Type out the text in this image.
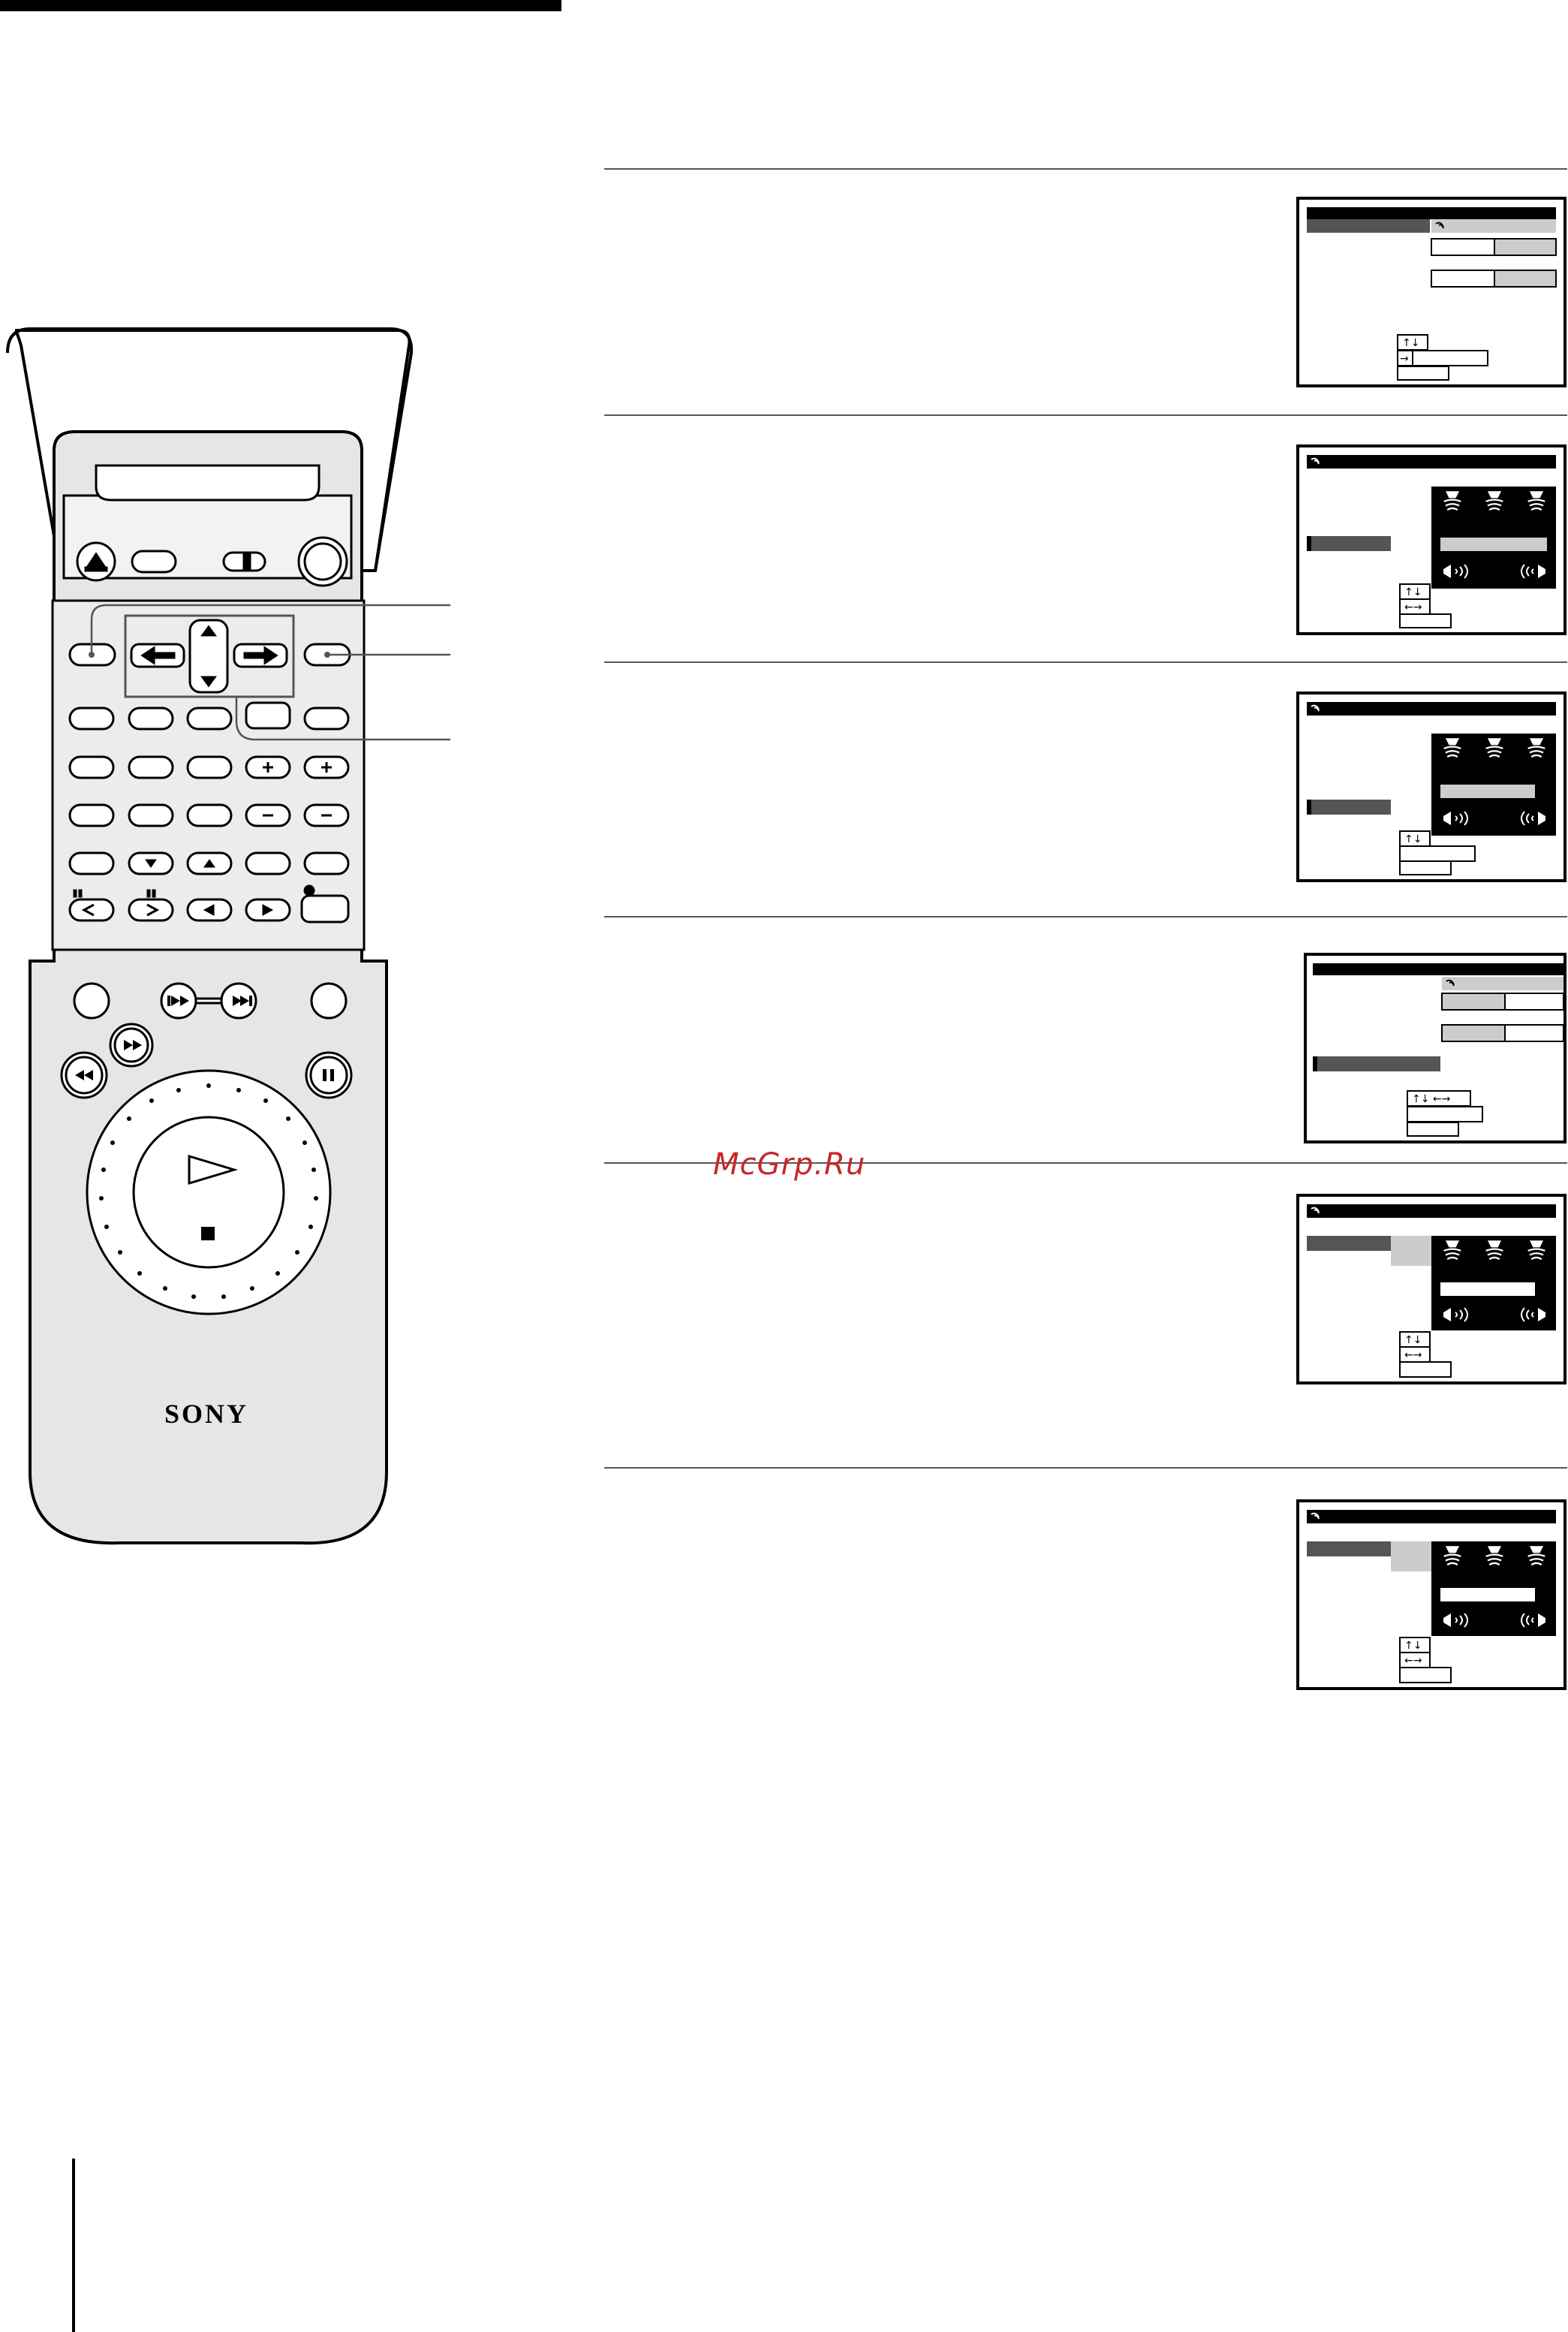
SONY
McGrp.Ru
↑↓
→
↑↓ ←→
↑↓
←→
↑↓
↑↓
←→
↑↓
←→
